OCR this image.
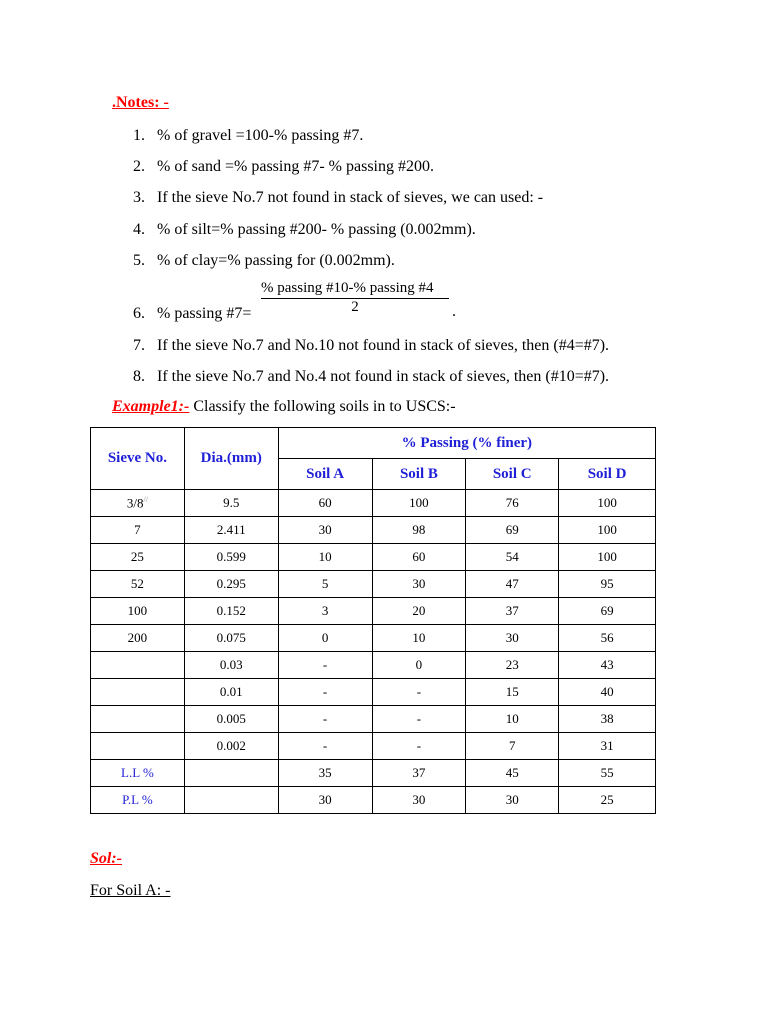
.Notes: -
1. % of gravel =100-% passing #7.
2. % of sand =% passing #7- % passing #200.
3. If the sieve No.7 not found in stack of sieves, we can used: -
4. % of silt=% passing #200- % passing (0.002mm).
5. % of clay=% passing for (0.002mm).
6. % passing #7=
% passing #10-% passing #4
2	.
7. If the sieve No.7 and No.10 not found in stack of sieves, then (#4=#7).
8. If the sieve No.7 and No.4 not found in stack of sieves, then (#10=#7).
Example1:- Classify the following soils in to USCS:-
Sieve No.	Dia.(mm)	% Passing (% finer)			
		Soil A	Soil B	Soil C	Soil D
3/8//	9.5	60	100	76	100
7	2.411	30	98	69	100
25	0.599	10	60	54	100
52	0.295	5	30	47	95
100	0.152	3	20	37	69
200	0.075	0	10	30	56
	0.03	-	0	23	43
	0.01	-	-	15	40
	0.005	-	-	10	38
	0.002	-	-	7	31
L.L %		35	37	45	55
P.L %		30	30	30	25
Sol:-
For Soil A: -
